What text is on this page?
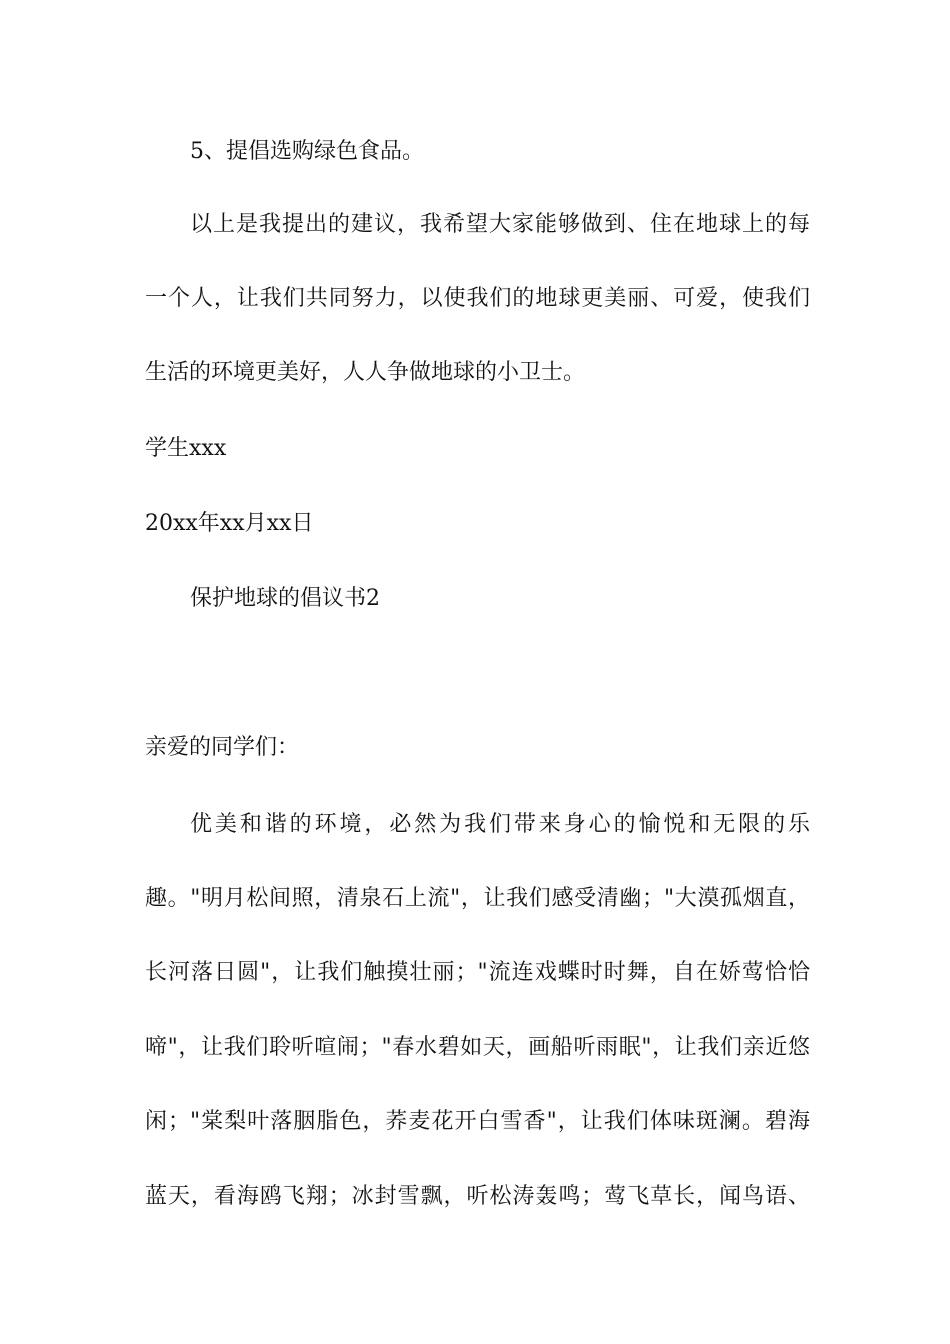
5、提倡选购绿色食品。
以上是我提出的建议，我希望大家能够做到、住在地球上的每
一个人，让我们共同努力，以使我们的地球更美丽、可爱，使我们
生活的环境更美好，人人争做地球的小卫士。
学生xxx
20xx年xx月xx日
保护地球的倡议书2
亲爱的同学们：
优美和谐的环境，必然为我们带来身心的愉悦和无限的乐
趣。"明月松间照，清泉石上流"，让我们感受清幽；"大漠孤烟直，
长河落日圆"，让我们触摸壮丽；"流连戏蝶时时舞，自在娇莺恰恰
啼"，让我们聆听喧闹；"春水碧如天，画船听雨眠"，让我们亲近悠
闲；"棠梨叶落胭脂色，荞麦花开白雪香"，让我们体味斑澜。碧海
蓝天，看海鸥飞翔；冰封雪飘，听松涛轰鸣；莺飞草长，闻鸟语、
